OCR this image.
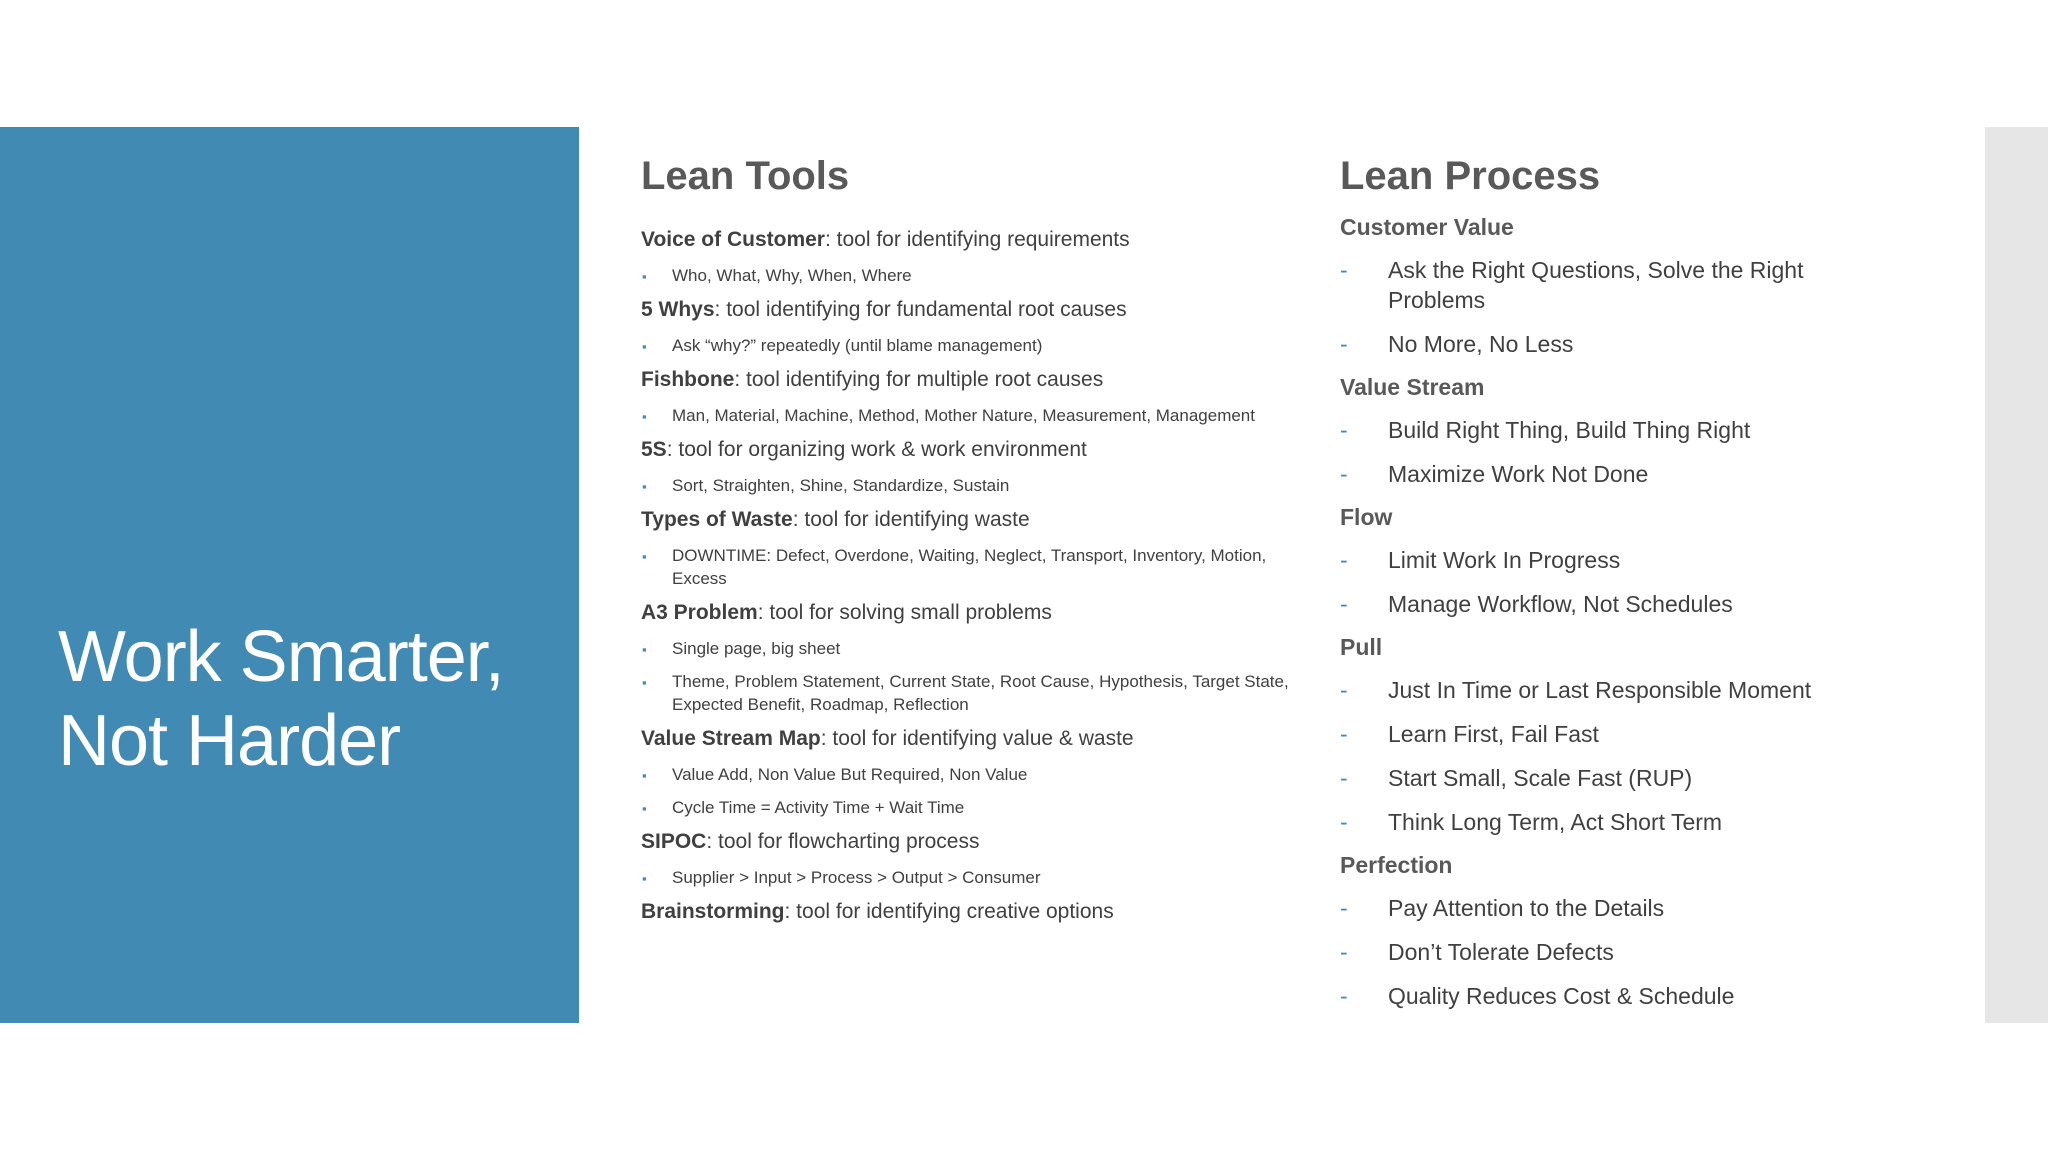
Work Smarter,
Not Harder
Lean Tools
Voice of Customer: tool for identifying requirements
▪ Who, What, Why, When, Where
5 Whys: tool identifying for fundamental root causes
▪ Ask “why?” repeatedly (until blame management)
Fishbone: tool identifying for multiple root causes
▪ Man, Material, Machine, Method, Mother Nature, Measurement, Management
5S: tool for organizing work & work environment
▪ Sort, Straighten, Shine, Standardize, Sustain
Types of Waste: tool for identifying waste
▪ DOWNTIME: Defect, Overdone, Waiting, Neglect, Transport, Inventory, Motion, Excess
A3 Problem: tool for solving small problems
▪ Single page, big sheet
▪ Theme, Problem Statement, Current State, Root Cause, Hypothesis, Target State, Expected Benefit, Roadmap, Reflection
Value Stream Map: tool for identifying value & waste
▪ Value Add, Non Value But Required, Non Value
▪ Cycle Time = Activity Time + Wait Time
SIPOC: tool for flowcharting process
▪ Supplier > Input > Process > Output > Consumer
Brainstorming: tool for identifying creative options
Lean Process
Customer Value
- Ask the Right Questions, Solve the Right Problems
- No More, No Less
Value Stream
- Build Right Thing, Build Thing Right
- Maximize Work Not Done
Flow
- Limit Work In Progress
- Manage Workflow, Not Schedules
Pull
- Just In Time or Last Responsible Moment
- Learn First, Fail Fast
- Start Small, Scale Fast (RUP)
- Think Long Term, Act Short Term
Perfection
- Pay Attention to the Details
- Don’t Tolerate Defects
- Quality Reduces Cost & Schedule
